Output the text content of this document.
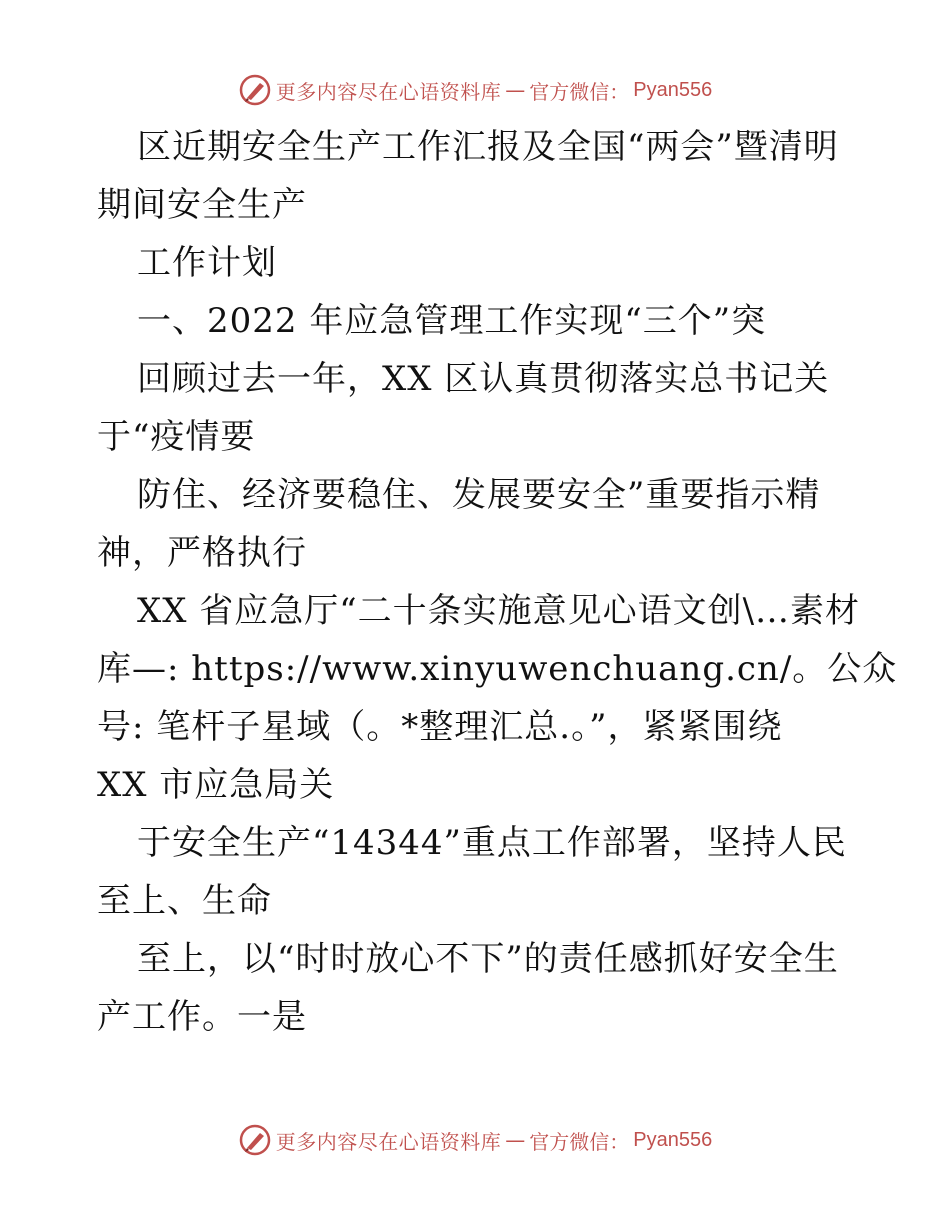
更多内容尽在心语资料库 — 官方微信： Pyan556
区近期安全生产工作汇报及全国“两会”暨清明
期间安全生产
工作计划
一、2022 年应急管理工作实现“三个”突
回顾过去一年，XX 区认真贯彻落实总书记关
于“疫情要
防住、经济要稳住、发展要安全”重要指示精
神，严格执行
XX 省应急厅“二十条实施意见心语文创\…素材
库—: https://www.xinyuwenchuang.cn/。公众
号: 笔杆子星域（。*整理汇总.。”，紧紧围绕
XX 市应急局关
于安全生产“14344”重点工作部署，坚持人民
至上、生命
至上，以“时时放心不下”的责任感抓好安全生
产工作。一是
更多内容尽在心语资料库 — 官方微信： Pyan556
